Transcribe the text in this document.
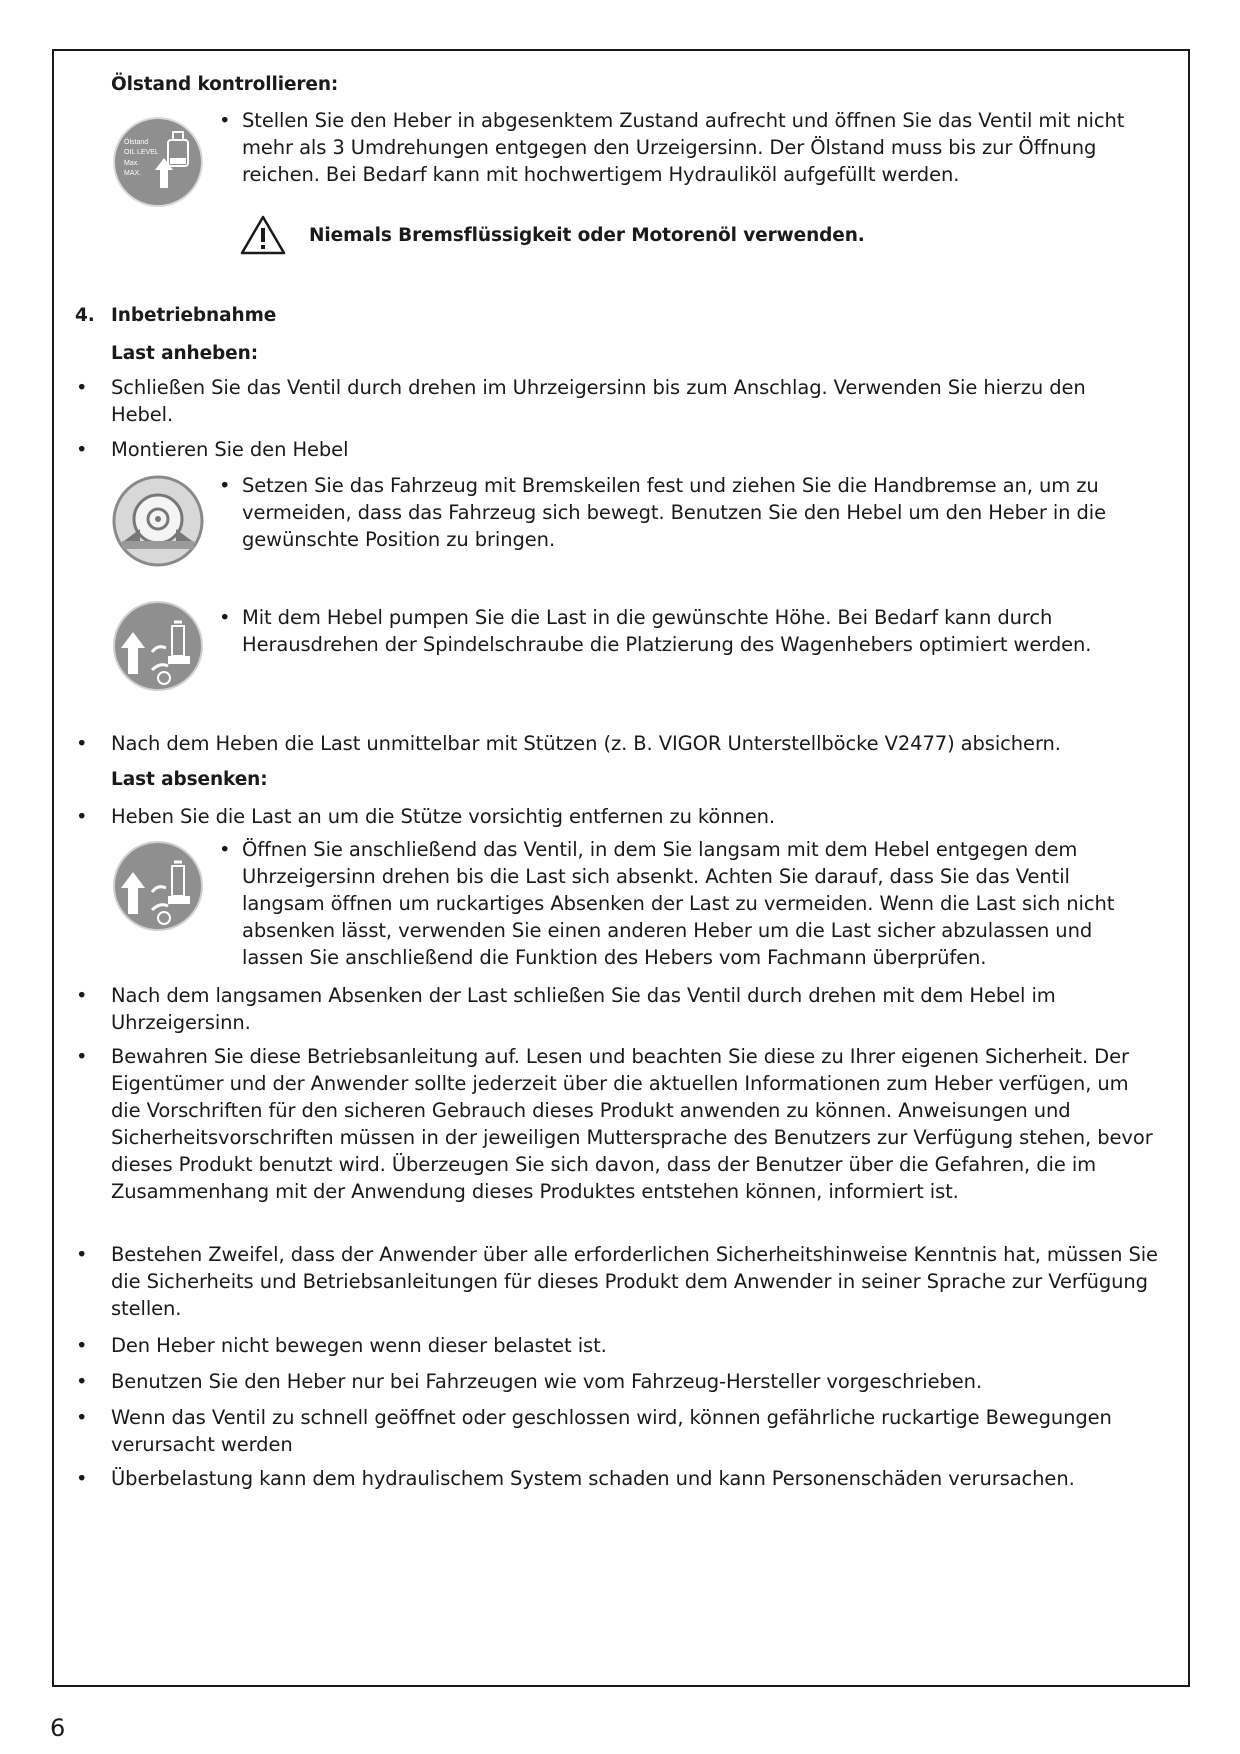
Ölstand kontrollieren:

Ölstand
OIL LEVEL
Max.
MAX.
• Stellen Sie den Heber in abgesenktem Zustand aufrecht und öffnen Sie das Ventil mit nicht mehr als 3 Umdrehungen entgegen den Urzeigersinn. Der Ölstand muss bis zur Öffnung reichen. Bei Bedarf kann mit hochwertigem Hydrauliköl aufgefüllt werden.

Niemals Bremsflüssigkeit oder Motorenöl verwenden.

4. Inbetriebnahme

Last anheben:

• Schließen Sie das Ventil durch drehen im Uhrzeigersinn bis zum Anschlag. Verwenden Sie hierzu den Hebel.

• Montieren Sie den Hebel

• Setzen Sie das Fahrzeug mit Bremskeilen fest und ziehen Sie die Handbremse an, um zu vermeiden, dass das Fahrzeug sich bewegt. Benutzen Sie den Hebel um den Heber in die gewünschte Position zu bringen.

• Mit dem Hebel pumpen Sie die Last in die gewünschte Höhe. Bei Bedarf kann durch Herausdrehen der Spindelschraube die Platzierung des Wagenhebers optimiert werden.

• Nach dem Heben die Last unmittelbar mit Stützen (z. B. VIGOR Unterstellböcke V2477) absichern.

Last absenken:

• Heben Sie die Last an um die Stütze vorsichtig entfernen zu können.

• Öffnen Sie anschließend das Ventil, in dem Sie langsam mit dem Hebel entgegen dem Uhrzeigersinn drehen bis die Last sich absenkt. Achten Sie darauf, dass Sie das Ventil langsam öffnen um ruckartiges Absenken der Last zu vermeiden. Wenn die Last sich nicht absenken lässt, verwenden Sie einen anderen Heber um die Last sicher abzulassen und lassen Sie anschließend die Funktion des Hebers vom Fachmann überprüfen.

• Nach dem langsamen Absenken der Last schließen Sie das Ventil durch drehen mit dem Hebel im Uhrzeigersinn.

• Bewahren Sie diese Betriebsanleitung auf. Lesen und beachten Sie diese zu Ihrer eigenen Sicherheit. Der Eigentümer und der Anwender sollte jederzeit über die aktuellen Informationen zum Heber verfügen, um die Vorschriften für den sicheren Gebrauch dieses Produkt anwenden zu können. Anweisungen und Sicherheitsvorschriften müssen in der jeweiligen Muttersprache des Benutzers zur Verfügung stehen, bevor dieses Produkt benutzt wird. Überzeugen Sie sich davon, dass der Benutzer über die Gefahren, die im Zusammenhang mit der Anwendung dieses Produktes entstehen können, informiert ist.

• Bestehen Zweifel, dass der Anwender über alle erforderlichen Sicherheitshinweise Kenntnis hat, müssen Sie die Sicherheits und Betriebsanleitungen für dieses Produkt dem Anwender in seiner Sprache zur Verfügung stellen.

• Den Heber nicht bewegen wenn dieser belastet ist.

• Benutzen Sie den Heber nur bei Fahrzeugen wie vom Fahrzeug-Hersteller vorgeschrieben.

• Wenn das Ventil zu schnell geöffnet oder geschlossen wird, können gefährliche ruckartige Bewegungen verursacht werden

• Überbelastung kann dem hydraulischem System schaden und kann Personenschäden verursachen.

6
